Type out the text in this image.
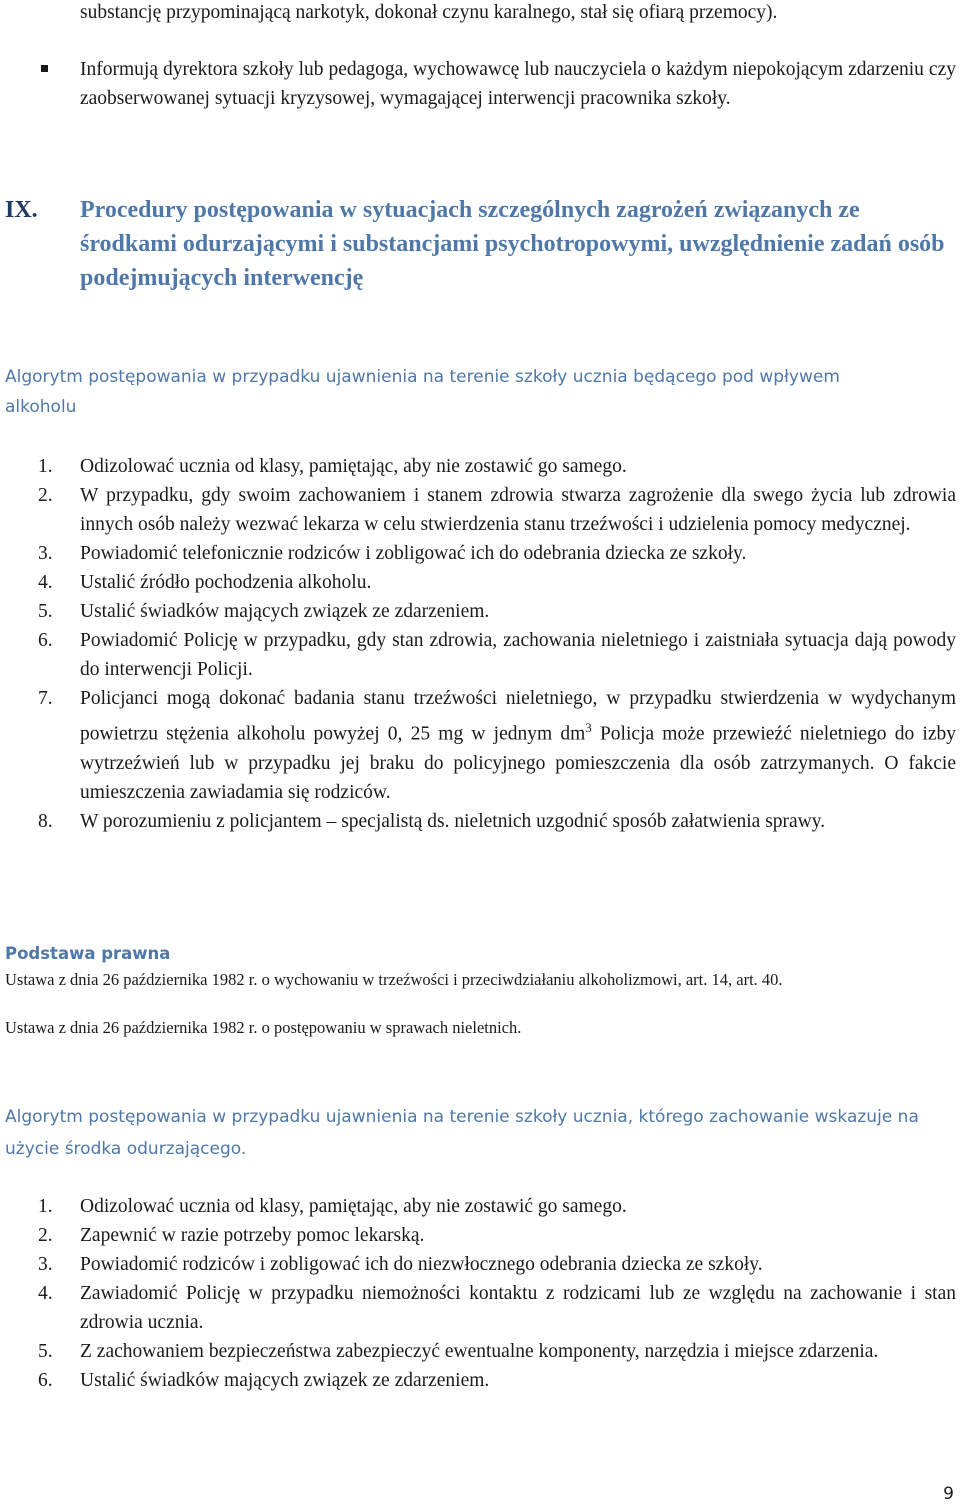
substancję przypominającą narkotyk, dokonał czynu karalnego, stał się ofiarą przemocy).
Informują dyrektora szkoły lub pedagoga, wychowawcę lub nauczyciela o każdym niepokojącym zdarzeniu czy zaobserwowanej sytuacji kryzysowej, wymagającej interwencji pracownika szkoły.
IX. Procedury postępowania w sytuacjach szczególnych zagrożeń związanych ze środkami odurzającymi i substancjami psychotropowymi, uwzględnienie zadań osób podejmujących interwencję
Algorytm postępowania w przypadku ujawnienia na terenie szkoły ucznia będącego pod wpływem alkoholu
1.	Odizolować ucznia od klasy, pamiętając, aby nie zostawić go samego.
2.	W przypadku, gdy swoim zachowaniem i stanem zdrowia stwarza zagrożenie dla swego życia lub zdrowia innych osób należy wezwać lekarza w celu stwierdzenia stanu trzeźwości i udzielenia pomocy medycznej.
3.	Powiadomić telefonicznie rodziców i zobligować ich do odebrania dziecka ze szkoły.
4.	Ustalić źródło pochodzenia alkoholu.
5.	Ustalić świadków mających związek ze zdarzeniem.
6.	Powiadomić Policję w przypadku, gdy stan zdrowia, zachowania nieletniego i zaistniała sytuacja dają powody do interwencji Policji.
7.	Policjanci mogą dokonać badania stanu trzeźwości nieletniego, w przypadku stwierdzenia w wydychanym powietrzu stężenia alkoholu powyżej 0, 25 mg w jednym $dm^3$ Policja może przewieźć nieletniego do izby wytrzeźwień lub w przypadku jej braku do policyjnego pomieszczenia dla osób zatrzymanych. O fakcie umieszczenia zawiadamia się rodziców.
8.	W porozumieniu z policjantem – specjalistą ds. nieletnich uzgodnić sposób załatwienia sprawy.
Podstawa prawna
Ustawa z dnia 26 października 1982 r. o wychowaniu w trzeźwości i przeciwdziałaniu alkoholizmowi, art. 14, art. 40.
Ustawa z dnia 26 października 1982 r. o postępowaniu w sprawach nieletnich.
Algorytm postępowania w przypadku ujawnienia na terenie szkoły ucznia, którego zachowanie wskazuje na użycie środka odurzającego.
1.	Odizolować ucznia od klasy, pamiętając, aby nie zostawić go samego.
2.	Zapewnić w razie potrzeby pomoc lekarską.
3.	Powiadomić rodziców i zobligować ich do niezwłocznego odebrania dziecka ze szkoły.
4.	Zawiadomić Policję w przypadku niemożności kontaktu z rodzicami lub ze względu na zachowanie i stan zdrowia ucznia.
5.	Z zachowaniem bezpieczeństwa zabezpieczyć ewentualne komponenty, narzędzia i miejsce zdarzenia.
6.	Ustalić świadków mających związek ze zdarzeniem.
9
